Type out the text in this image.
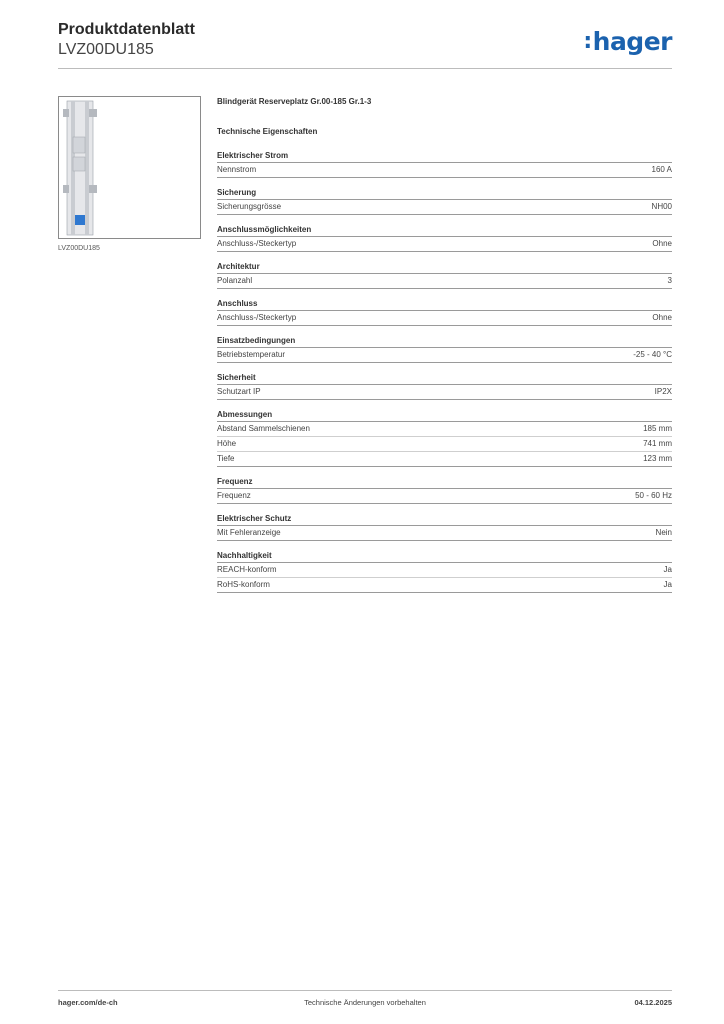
Produktdatenblatt
LVZ00DU185	:hager
LVZ00DU185
Blindgerät Reserveplatz Gr.00-185 Gr.1-3
Technische Eigenschaften
Elektrischer Strom
Nennstrom	160 A
Sicherung
Sicherungsgrösse	NH00
Anschlussmöglichkeiten
Anschluss-/Steckertyp	Ohne
Architektur
Polanzahl	3
Anschluss
Anschluss-/Steckertyp	Ohne
Einsatzbedingungen
Betriebstemperatur	-25 - 40 °C
Sicherheit
Schutzart IP	IP2X
Abmessungen
Abstand Sammelschienen	185 mm
Höhe	741 mm
Tiefe	123 mm
Frequenz
Frequenz	50 - 60 Hz
Elektrischer Schutz
Mit Fehleranzeige	Nein
Nachhaltigkeit
REACH-konform	Ja
RoHS-konform	Ja
hager.com/de-ch	Technische Änderungen vorbehalten	04.12.2025
